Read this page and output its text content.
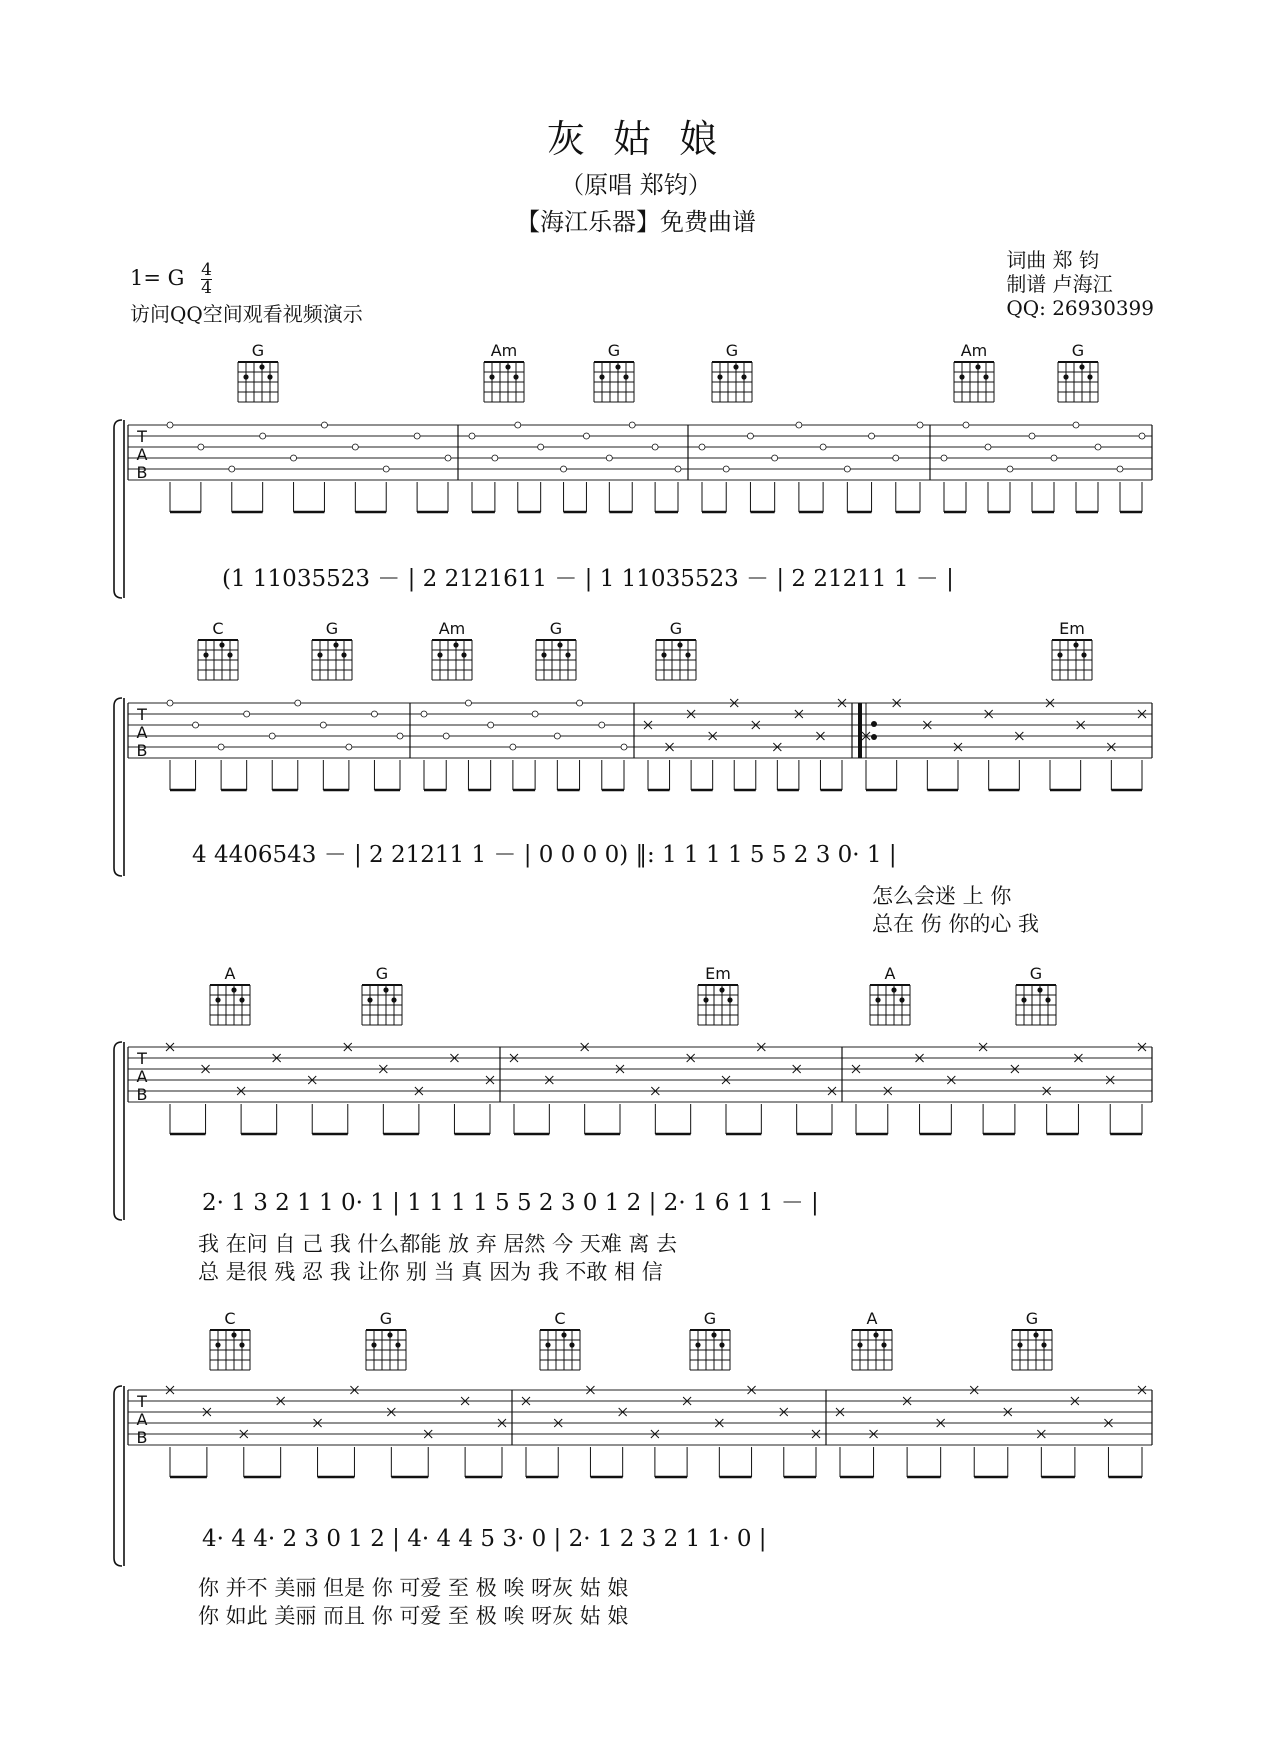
灰 姑 娘
（原唱 郑钧）
【海江乐器】免费曲谱
1= G $\frac{4}{4}$
访问QQ空间观看视频演示
词曲 郑 钧
制谱 卢海江
QQ: 26930399
T
A
B
G	Am	G	G	Am	G
T
A
B
C	G	Am	G	G	Em
T
A
B
A	G	Em	A	G
T
A
B
C	G	C	G	A	G
(1 11035523 － | 2 2121611 － | 1 11035523 － | 2 21211 1 － |
4 4406543 － | 2 21211 1 － | 0 0 0 0) ‖: 1 1 1 1 5 5 2 3 0· 1 |
怎么会迷 上 你
总在 伤 你的心 我
2· 1 3 2 1 1 0· 1 | 1 1 1 1 5 5 2 3 0 1 2 | 2· 1 6 1 1 － |
我 在问 自 己 我 什么都能 放 弃 居然 今 天难 离 去
总 是很 残 忍 我 让你 别 当 真 因为 我 不敢 相 信
4· 4 4· 2 3 0 1 2 | 4· 4 4 5 3· 0 | 2· 1 2 3 2 1 1· 0 |
你 并不 美丽 但是 你 可爱 至 极 唉 呀灰 姑 娘
你 如此 美丽 而且 你 可爱 至 极 唉 呀灰 姑 娘
